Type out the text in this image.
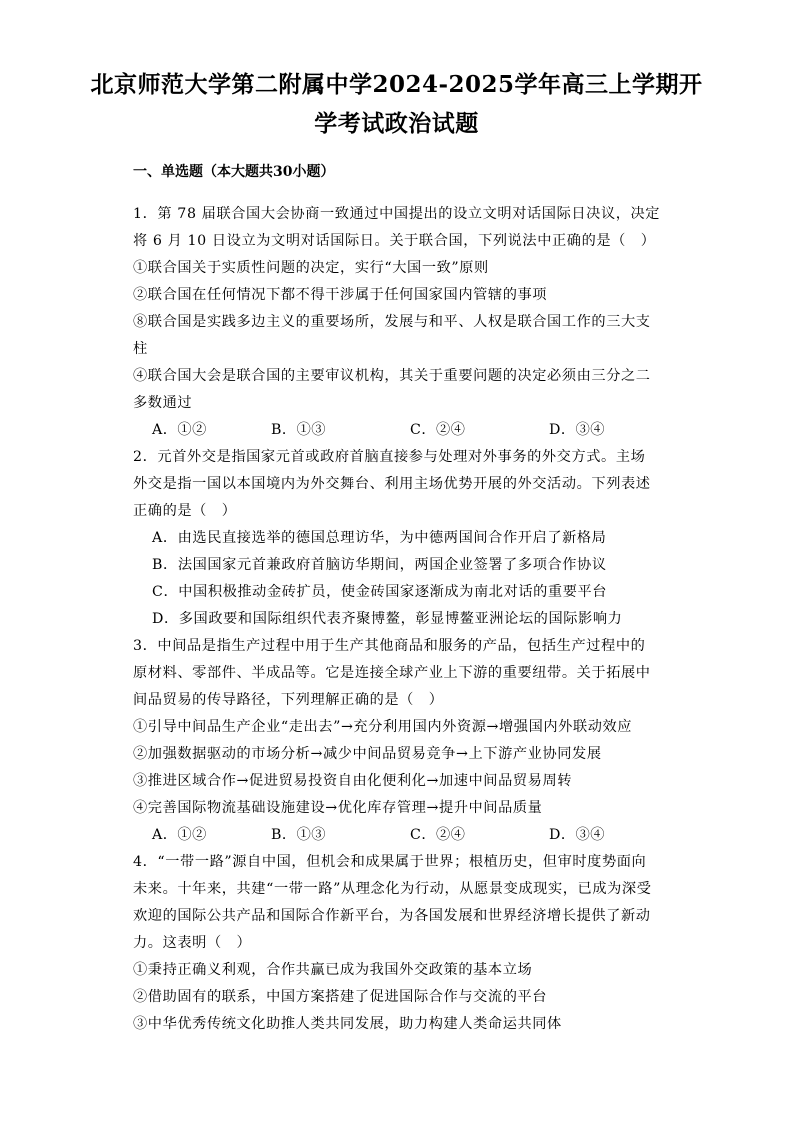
北京师范大学第二附属中学2024-2025学年高三上学期开
学考试政治试题
一、单选题（本大题共30小题）
1．第 78 届联合国大会协商一致通过中国提出的设立文明对话国际日决议，决定
将 6 月 10 日设立为文明对话国际日。关于联合国，下列说法中正确的是（　）
①联合国关于实质性问题的决定，实行“大国一致”原则
②联合国在任何情况下都不得干涉属于任何国家国内管辖的事项
⑧联合国是实践多边主义的重要场所，发展与和平、人权是联合国工作的三大支
柱
④联合国大会是联合国的主要审议机构，其关于重要问题的决定必须由三分之二
多数通过
A．①②	B．①③	C．②④	D．③④
2．元首外交是指国家元首或政府首脑直接参与处理对外事务的外交方式。主场
外交是指一国以本国境内为外交舞台、利用主场优势开展的外交活动。下列表述
正确的是（　）
A．由选民直接选举的德国总理访华，为中德两国间合作开启了新格局
B．法国国家元首兼政府首脑访华期间，两国企业签署了多项合作协议
C．中国积极推动金砖扩员，使金砖国家逐渐成为南北对话的重要平台
D．多国政要和国际组织代表齐聚博鳌，彰显博鳌亚洲论坛的国际影响力
3．中间品是指生产过程中用于生产其他商品和服务的产品，包括生产过程中的
原材料、零部件、半成品等。它是连接全球产业上下游的重要纽带。关于拓展中
间品贸易的传导路径，下列理解正确的是（　）
①引导中间品生产企业“走出去”→充分利用国内外资源→增强国内外联动效应
②加强数据驱动的市场分析→减少中间品贸易竞争→上下游产业协同发展
③推进区域合作→促进贸易投资自由化便利化→加速中间品贸易周转
④完善国际物流基础设施建设→优化库存管理→提升中间品质量
A．①②	B．①③	C．②④	D．③④
4．“一带一路”源自中国，但机会和成果属于世界；根植历史，但审时度势面向
未来。十年来，共建“一带一路”从理念化为行动，从愿景变成现实，已成为深受
欢迎的国际公共产品和国际合作新平台，为各国发展和世界经济增长提供了新动
力。这表明（　）
①秉持正确义利观，合作共赢已成为我国外交政策的基本立场
②借助固有的联系，中国方案搭建了促进国际合作与交流的平台
③中华优秀传统文化助推人类共同发展，助力构建人类命运共同体
